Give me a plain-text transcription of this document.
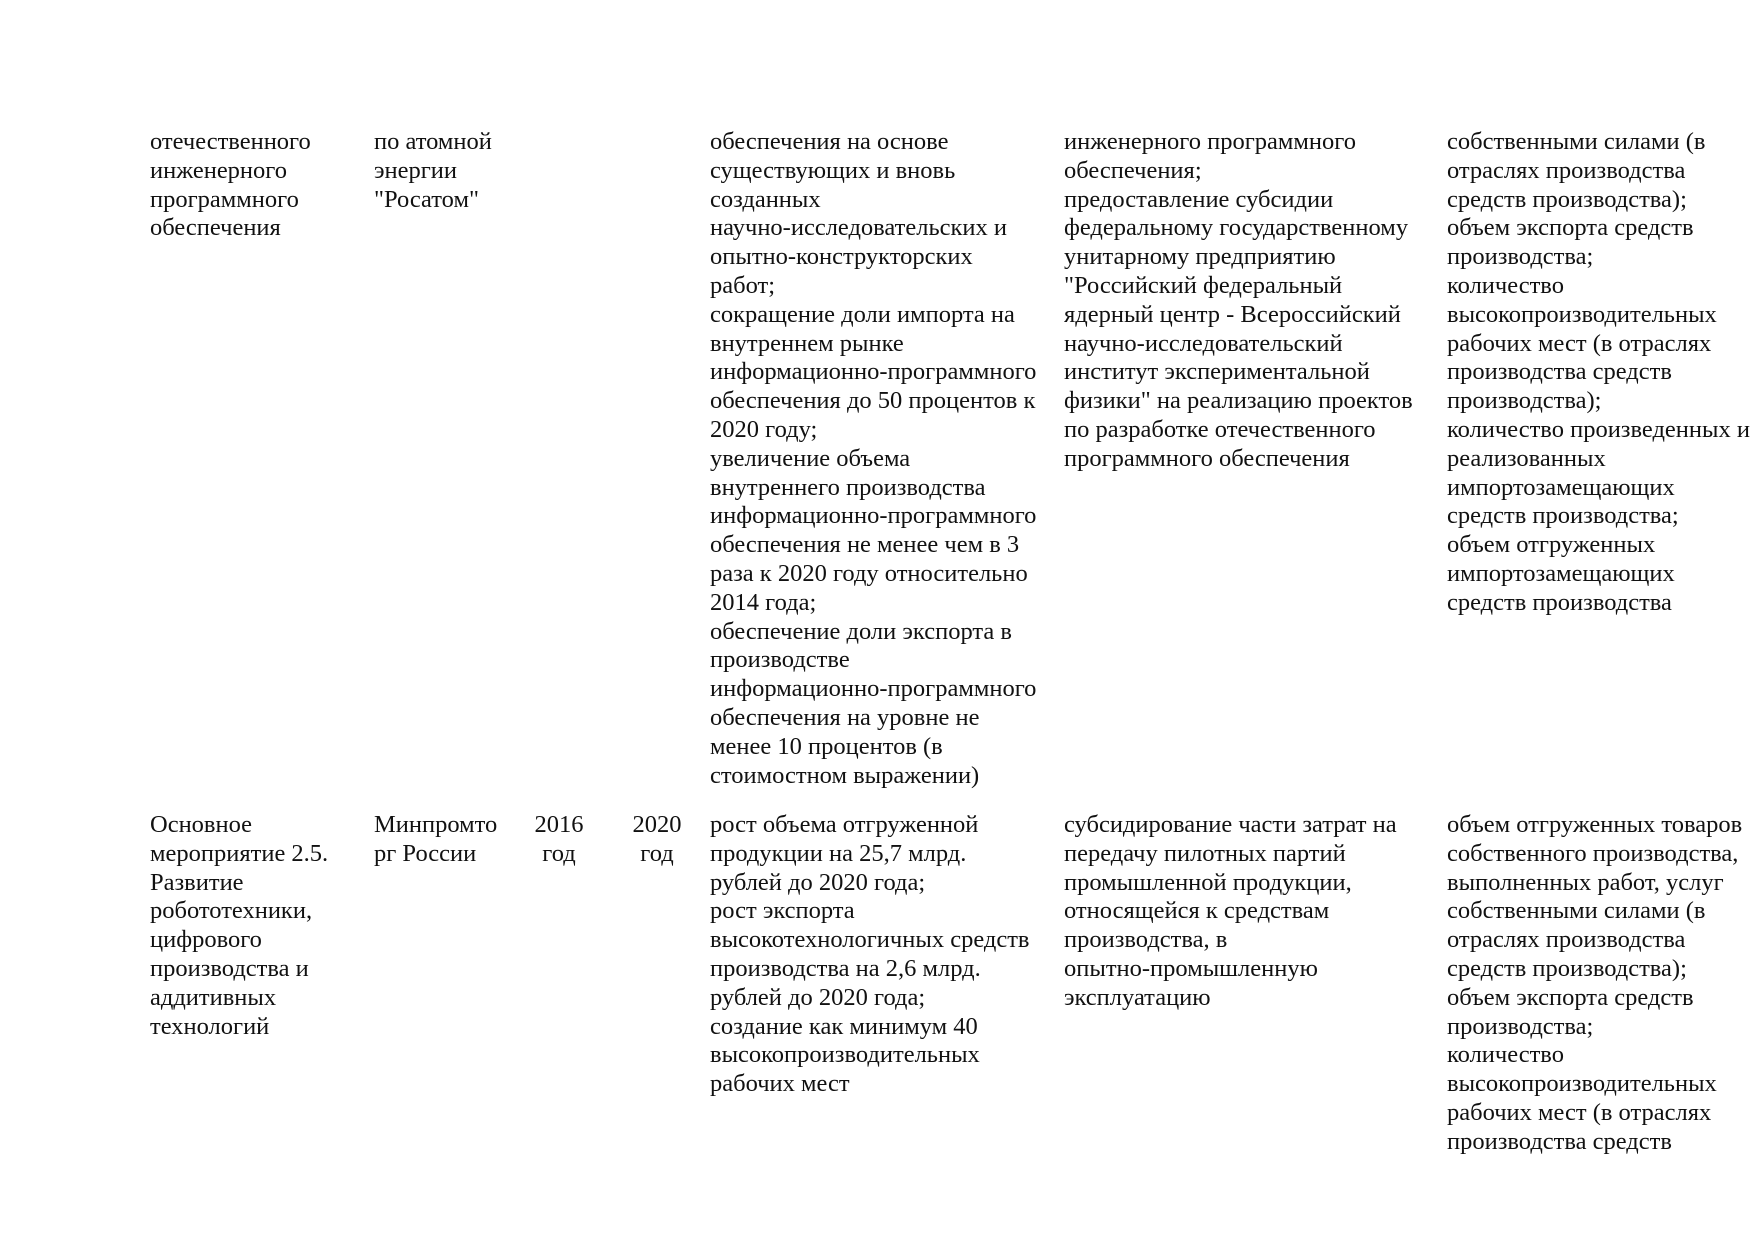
отечественного
инженерного
программного
обеспечения
по атомной
энергии
"Росатом"
обеспечения на основе
существующих и вновь
созданных
научно-исследовательских и
опытно-конструкторских
работ;
сокращение доли импорта на
внутреннем рынке
информационно-программного
обеспечения до 50 процентов к
2020 году;
увеличение объема
внутреннего производства
информационно-программного
обеспечения не менее чем в 3
раза к 2020 году относительно
2014 года;
обеспечение доли экспорта в
производстве
информационно-программного
обеспечения на уровне не
менее 10 процентов (в
стоимостном выражении)
инженерного программного
обеспечения;
предоставление субсидии
федеральному государственному
унитарному предприятию
"Российский федеральный
ядерный центр - Всероссийский
научно-исследовательский
институт экспериментальной
физики" на реализацию проектов
по разработке отечественного
программного обеспечения
собственными силами (в
отраслях производства
средств производства);
объем экспорта средств
производства;
количество
высокопроизводительных
рабочих мест (в отраслях
производства средств
производства);
количество произведенных и
реализованных
импортозамещающих
средств производства;
объем отгруженных
импортозамещающих
средств производства
Основное
мероприятие 2.5.
Развитие
робототехники,
цифрового
производства и
аддитивных
технологий
Минпромто
рг России
2016
год
2020
год
рост объема отгруженной
продукции на 25,7 млрд.
рублей до 2020 года;
рост экспорта
высокотехнологичных средств
производства на 2,6 млрд.
рублей до 2020 года;
создание как минимум 40
высокопроизводительных
рабочих мест
субсидирование части затрат на
передачу пилотных партий
промышленной продукции,
относящейся к средствам
производства, в
опытно-промышленную
эксплуатацию
объем отгруженных товаров
собственного производства,
выполненных работ, услуг
собственными силами (в
отраслях производства
средств производства);
объем экспорта средств
производства;
количество
высокопроизводительных
рабочих мест (в отраслях
производства средств
